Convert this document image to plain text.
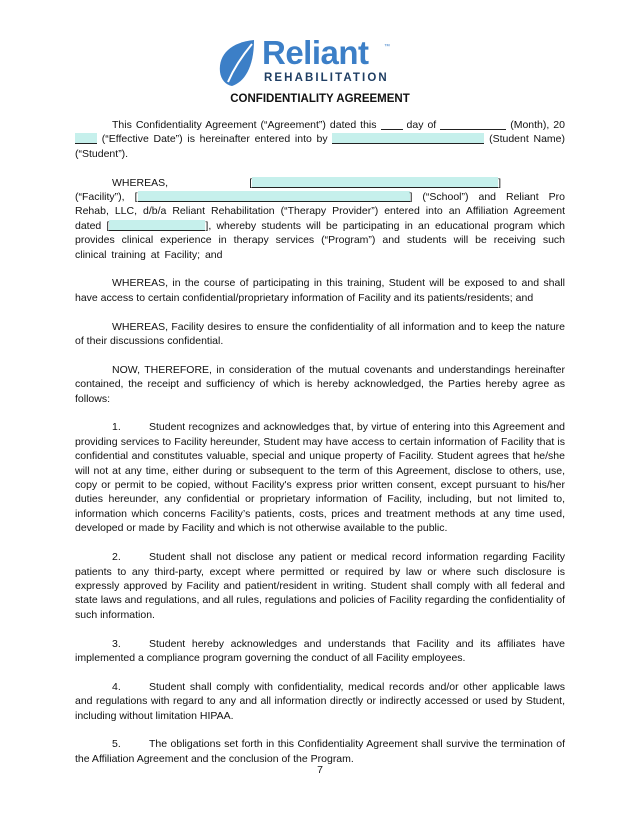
Reliant	™
REHABILITATION
CONFIDENTIALITY AGREEMENT

This Confidentiality Agreement (“Agreement”) dated this	day of	(Month), 20 (“Effective Date”) is hereinafter entered into by	(Student Name) (“Student”).

WHEREAS,	[	]          (“Facility”), [	] (“School”) and Reliant Pro Rehab, LLC, d/b/a Reliant Rehabilitation (“Therapy Provider”) entered into an Affiliation Agreement dated [	], whereby students will be participating in an educational program which provides clinical experience in therapy services (“Program”) and students will be receiving such clinical training at Facility; and

WHEREAS, in the course of participating in this training, Student will be exposed to and shall have access to certain confidential/proprietary information of Facility and its patients/residents; and

WHEREAS, Facility desires to ensure the confidentiality of all information and to keep the nature of their discussions confidential.

NOW, THEREFORE, in consideration of the mutual covenants and understandings hereinafter contained, the receipt and sufficiency of which is hereby acknowledged, the Parties hereby agree as follows:

1.	Student recognizes and acknowledges that, by virtue of entering into this Agreement and providing services to Facility hereunder, Student may have access to certain information of Facility that is confidential and constitutes valuable, special and unique property of Facility. Student agrees that he/she will not at any time, either during or subsequent to the term of this Agreement, disclose to others, use, copy or permit to be copied, without Facility's express prior written consent, except pursuant to his/her duties hereunder, any confidential or proprietary information of Facility, including, but not limited to, information which concerns Facility’s patients, costs, prices and treatment methods at any time used, developed or made by Facility and which is not otherwise available to the public.

2.	Student shall not disclose any patient or medical record information regarding Facility patients to any third-party, except where permitted or required by law or where such disclosure is expressly approved by Facility and patient/resident in writing. Student shall comply with all federal and state laws and regulations, and all rules, regulations and policies of Facility regarding the confidentiality of such information.

3.	Student hereby acknowledges and understands that Facility and its affiliates have implemented a compliance program governing the conduct of all Facility employees.

4.	Student shall comply with confidentiality, medical records and/or other applicable laws and regulations with regard to any and all information directly or indirectly accessed or used by Student, including without limitation HIPAA.

5.	The obligations set forth in this Confidentiality Agreement shall survive the termination of the Affiliation Agreement and the conclusion of the Program.

7
